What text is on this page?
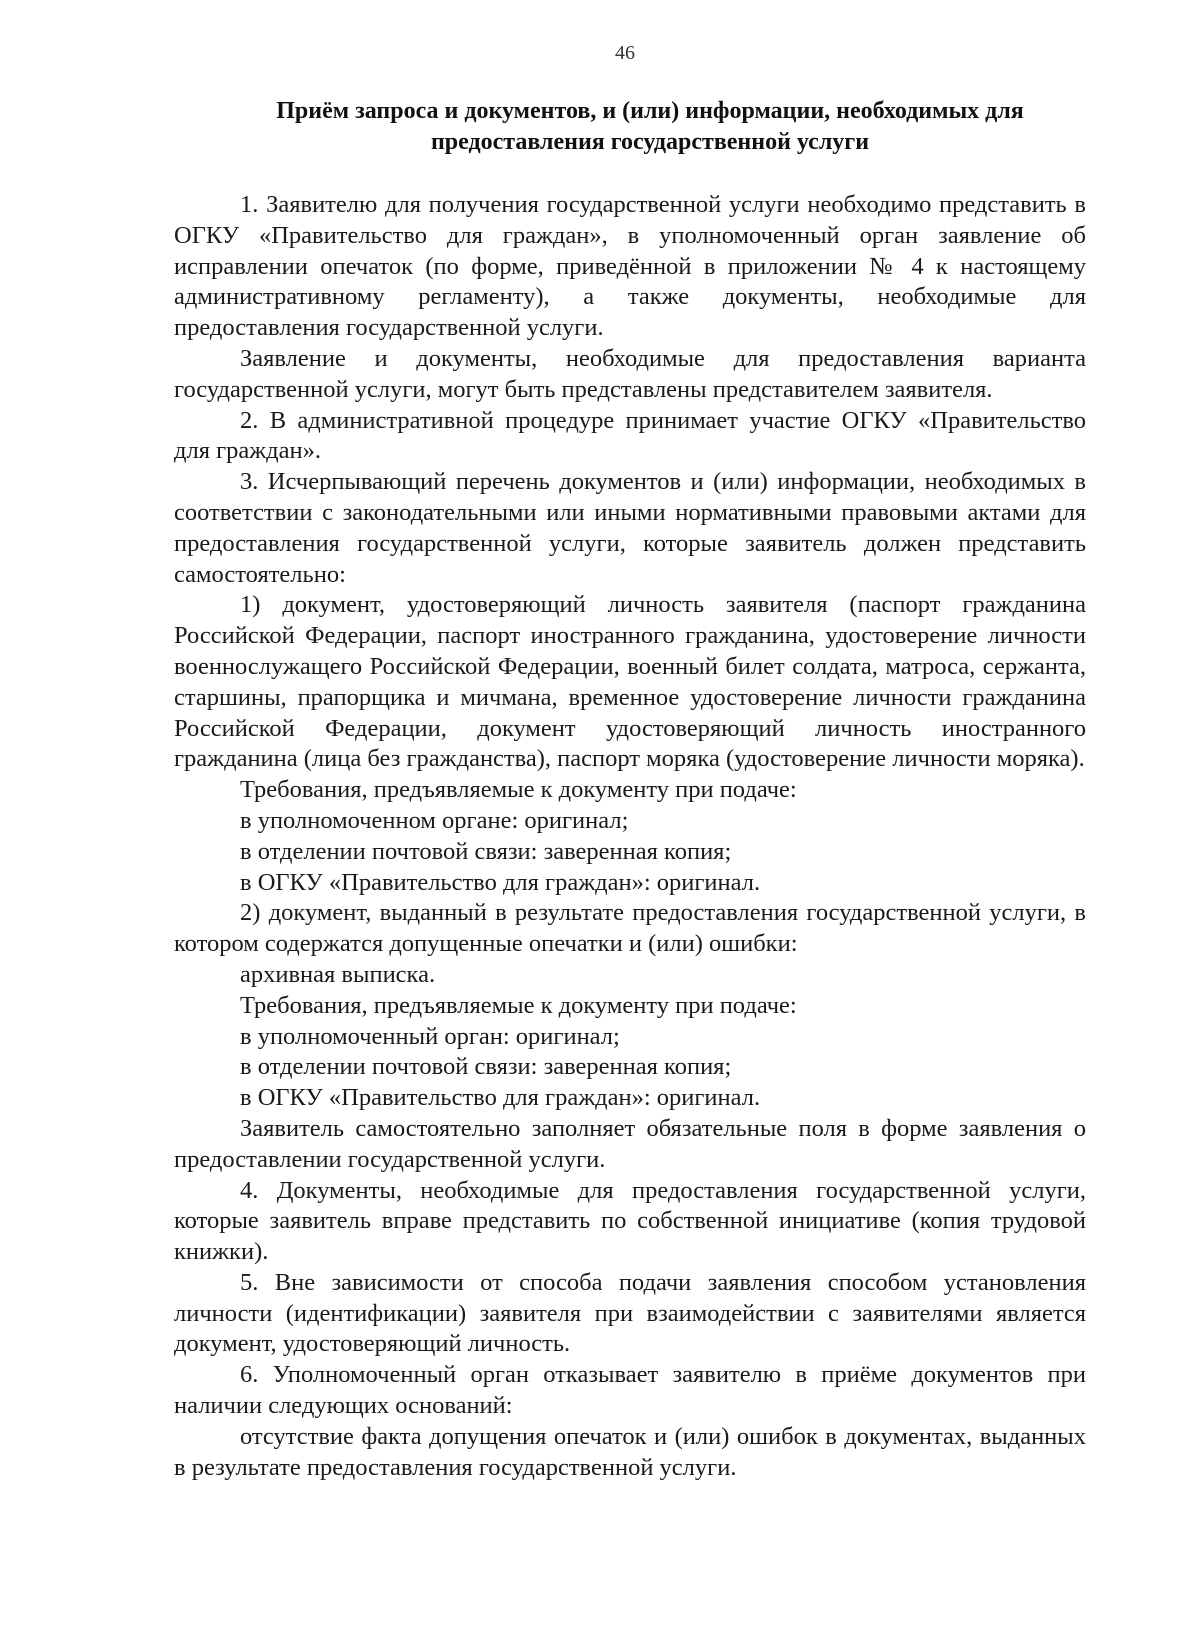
46
Приём запроса и документов, и (или) информации, необходимых для
предоставления государственной услуги

1. Заявителю для получения государственной услуги необходимо представить в ОГКУ «Правительство для граждан», в уполномоченный орган заявление об исправлении опечаток (по форме, приведённой в приложении № 4 к настоящему административному регламенту), а также документы, необходимые для предоставления государственной услуги.

Заявление и документы, необходимые для предоставления варианта государственной услуги, могут быть представлены представителем заявителя.

2. В административной процедуре принимает участие ОГКУ «Правительство для граждан».

3. Исчерпывающий перечень документов и (или) информации, необходимых в соответствии с законодательными или иными нормативными правовыми актами для предоставления государственной услуги, которые заявитель должен представить самостоятельно:

1) документ, удостоверяющий личность заявителя (паспорт гражданина Российской Федерации, паспорт иностранного гражданина, удостоверение личности военнослужащего Российской Федерации, военный билет солдата, матроса, сержанта, старшины, прапорщика и мичмана, временное удостоверение личности гражданина Российской Федерации, документ удостоверяющий личность иностранного гражданина (лица без гражданства), паспорт моряка (удостоверение личности моряка).

Требования, предъявляемые к документу при подаче:

в уполномоченном органе: оригинал;

в отделении почтовой связи: заверенная копия;

в ОГКУ «Правительство для граждан»: оригинал.

2) документ, выданный в результате предоставления государственной услуги, в котором содержатся допущенные опечатки и (или) ошибки:

архивная выписка.

Требования, предъявляемые к документу при подаче:

в уполномоченный орган: оригинал;

в отделении почтовой связи: заверенная копия;

в ОГКУ «Правительство для граждан»: оригинал.

Заявитель самостоятельно заполняет обязательные поля в форме заявления о предоставлении государственной услуги.

4. Документы, необходимые для предоставления государственной услуги, которые заявитель вправе представить по собственной инициативе (копия трудовой книжки).

5. Вне зависимости от способа подачи заявления способом установления личности (идентификации) заявителя при взаимодействии с заявителями является документ, удостоверяющий личность.

6. Уполномоченный орган отказывает заявителю в приёме документов при наличии следующих оснований:

отсутствие факта допущения опечаток и (или) ошибок в документах, выданных в результате предоставления государственной услуги.
